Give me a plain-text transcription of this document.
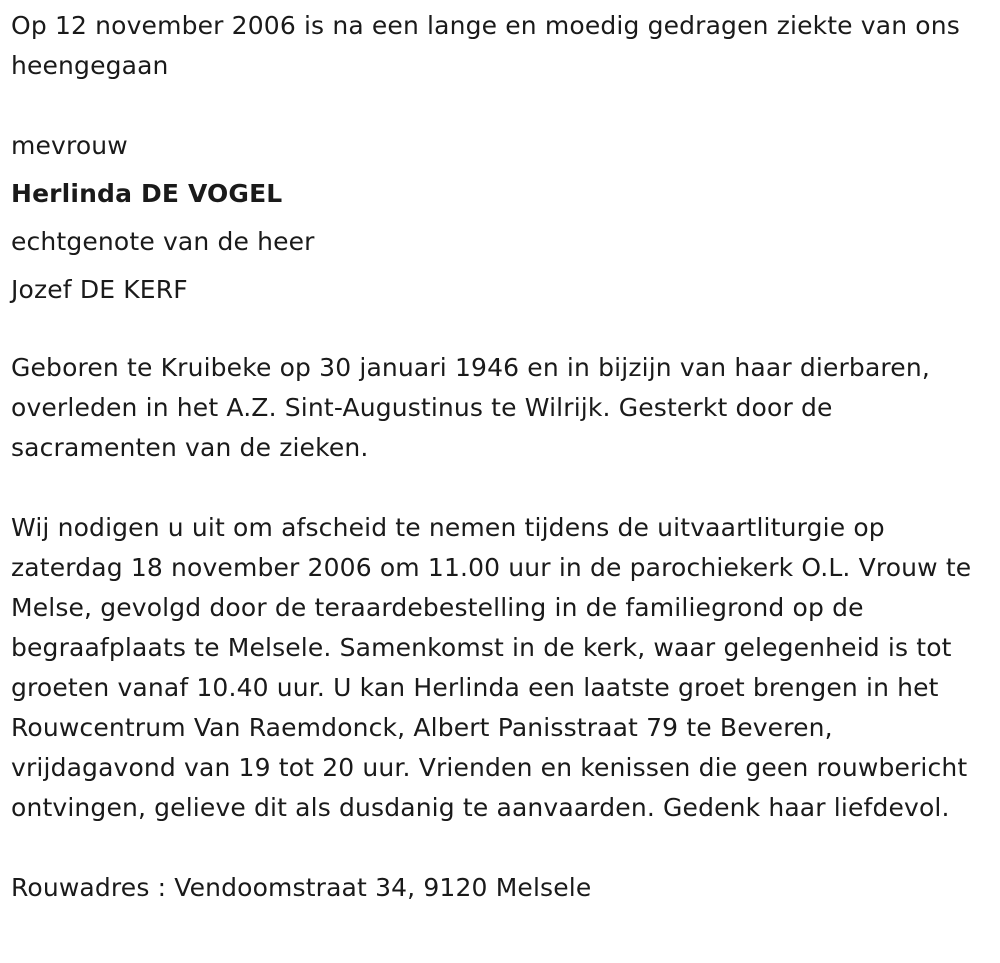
Op 12 november 2006 is na een lange en moedig gedragen ziekte van ons heengegaan

mevrouw

Herlinda DE VOGEL

echtgenote van de heer

Jozef DE KERF

Geboren te Kruibeke op 30 januari 1946 en in bijzijn van haar dierbaren, overleden in het A.Z. Sint-Augustinus te Wilrijk. Gesterkt door de sacramenten van de zieken.

Wij nodigen u uit om afscheid te nemen tijdens de uitvaartliturgie op zaterdag 18 november 2006 om 11.00 uur in de parochiekerk O.L. Vrouw te Melse, gevolgd door de teraardebestelling in de familiegrond op de begraafplaats te Melsele. Samenkomst in de kerk, waar gelegenheid is tot groeten vanaf 10.40 uur. U kan Herlinda een laatste groet brengen in het Rouwcentrum Van Raemdonck, Albert Panisstraat 79 te Beveren, vrijdagavond van 19 tot 20 uur. Vrienden en kenissen die geen rouwbericht ontvingen, gelieve dit als dusdanig te aanvaarden. Gedenk haar liefdevol.

Rouwadres : Vendoomstraat 34, 9120 Melsele
